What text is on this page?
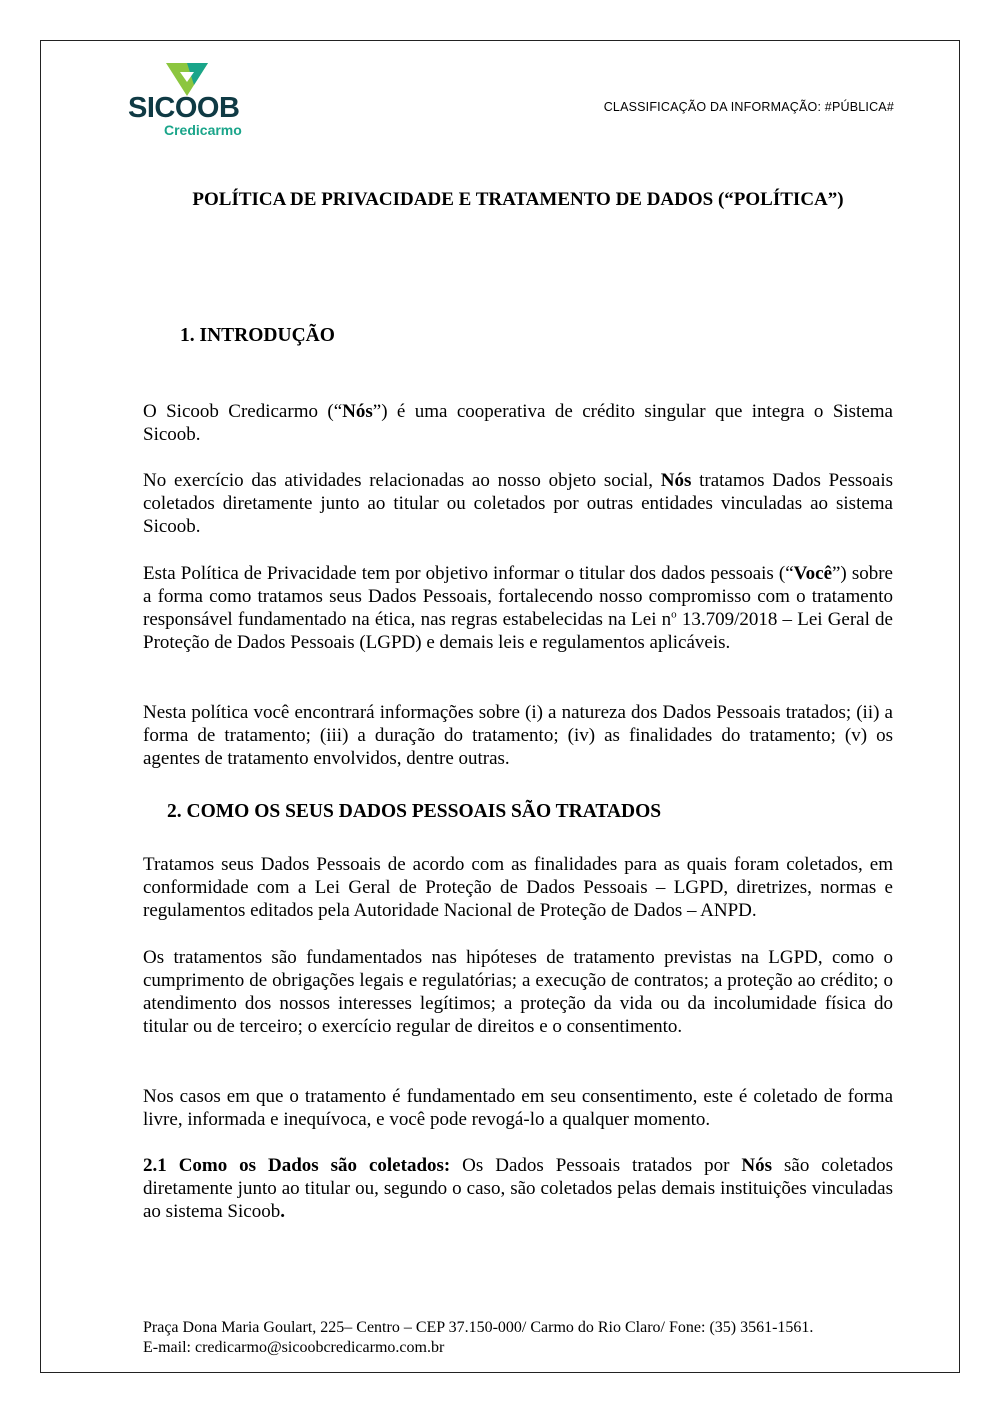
SICOOB
Credicarmo
CLASSIFICAÇÃO DA INFORMAÇÃO: #PÚBLICA#
POLÍTICA DE PRIVACIDADE E TRATAMENTO DE DADOS (“POLÍTICA”)
1. INTRODUÇÃO
2. COMO OS SEUS DADOS PESSOAIS SÃO TRATADOS

O Sicoob Credicarmo (“Nós”) é uma cooperativa de crédito singular que integra o Sistema Sicoob.

No exercício das atividades relacionadas ao nosso objeto social, Nós tratamos Dados Pessoais coletados diretamente junto ao titular ou coletados por outras entidades vinculadas ao sistema Sicoob.

Esta Política de Privacidade tem por objetivo informar o titular dos dados pessoais (“Você”) sobre a forma como tratamos seus Dados Pessoais, fortalecendo nosso compromisso com o tratamento responsável fundamentado na ética, nas regras estabelecidas na Lei $n^o$ 13.709/2018 – Lei Geral de Proteção de Dados Pessoais (LGPD) e demais leis e regulamentos aplicáveis.

Nesta política você encontrará informações sobre (i) a natureza dos Dados Pessoais tratados; (ii) a forma de tratamento; (iii) a duração do tratamento; (iv) as finalidades do tratamento; (v) os agentes de tratamento envolvidos, dentre outras.

Tratamos seus Dados Pessoais de acordo com as finalidades para as quais foram coletados, em conformidade com a Lei Geral de Proteção de Dados Pessoais – LGPD, diretrizes, normas e regulamentos editados pela Autoridade Nacional de Proteção de Dados – ANPD.

Os tratamentos são fundamentados nas hipóteses de tratamento previstas na LGPD, como o cumprimento de obrigações legais e regulatórias; a execução de contratos; a proteção ao crédito; o atendimento dos nossos interesses legítimos; a proteção da vida ou da incolumidade física do titular ou de terceiro; o exercício regular de direitos e o consentimento.

Nos casos em que o tratamento é fundamentado em seu consentimento, este é coletado de forma livre, informada e inequívoca, e você pode revogá-lo a qualquer momento.

2.1 Como os Dados são coletados: Os Dados Pessoais tratados por Nós são coletados diretamente junto ao titular ou, segundo o caso, são coletados pelas demais instituições vinculadas ao sistema Sicoob.

Praça Dona Maria Goulart, 225– Centro – CEP 37.150-000/ Carmo do Rio Claro/ Fone: (35) 3561-1561.
E-mail: credicarmo@sicoobcredicarmo.com.br
